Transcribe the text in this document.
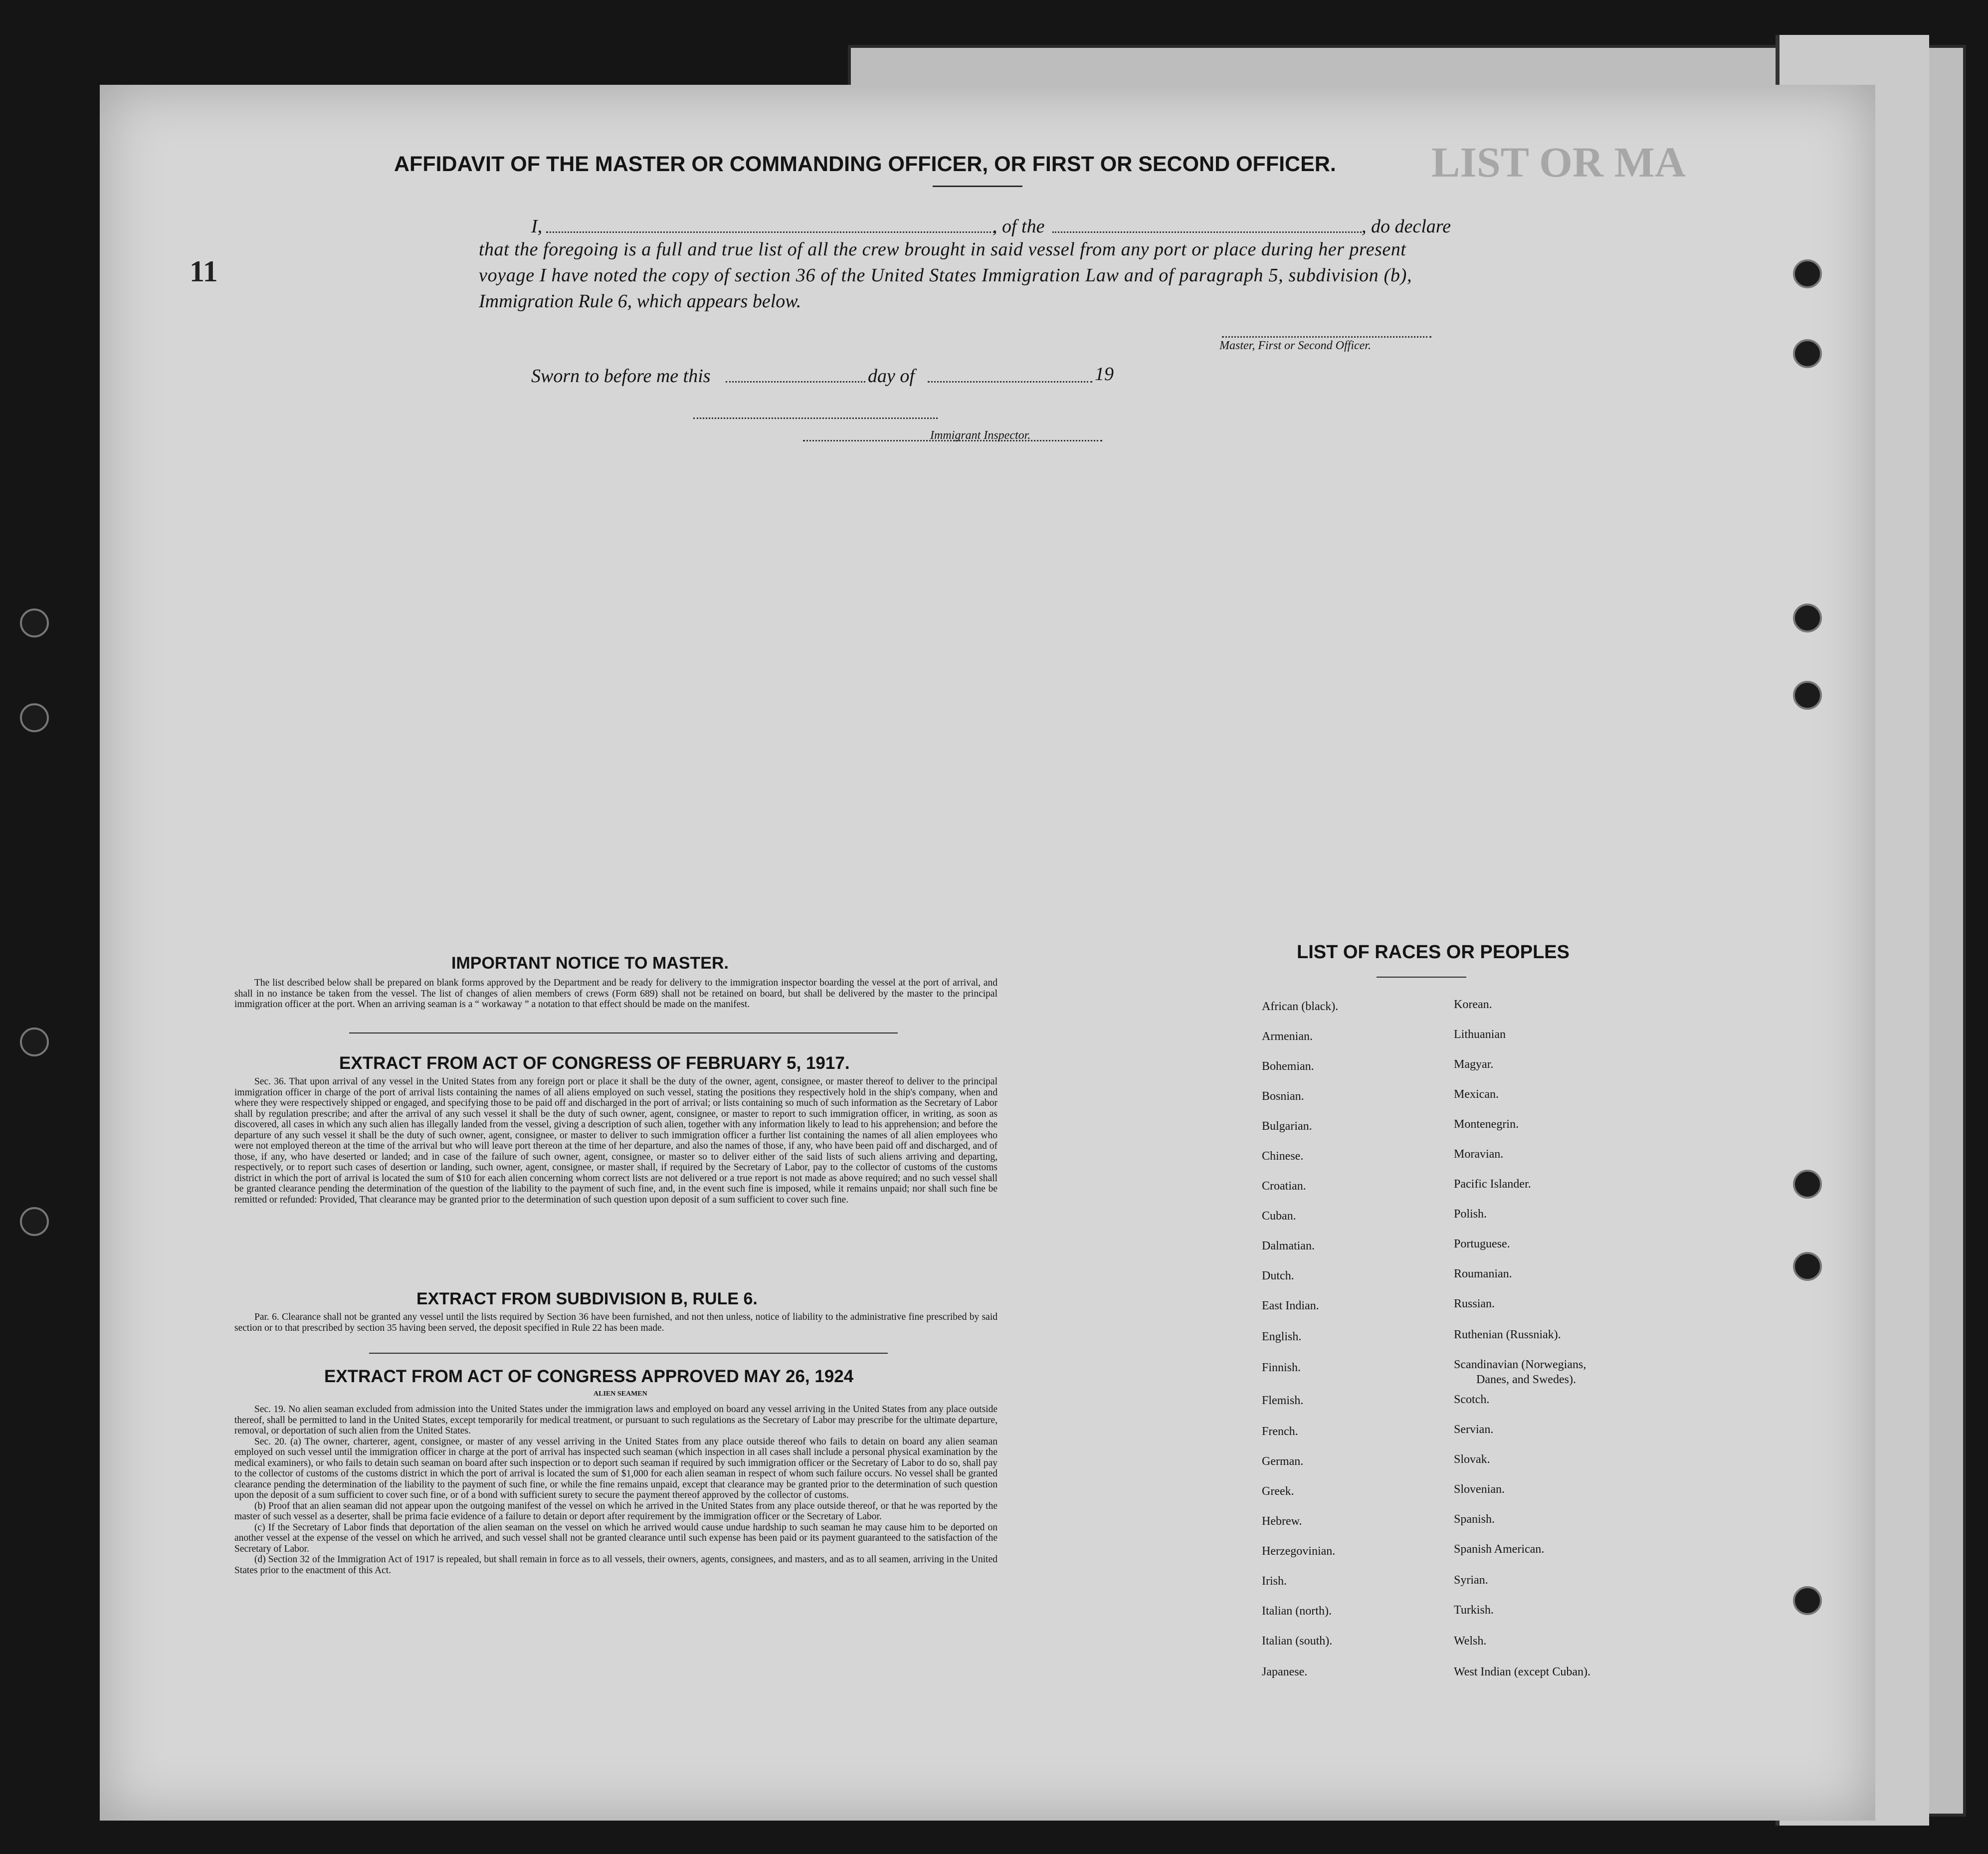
LIST OR MA
11
AFFIDAVIT OF THE MASTER OR COMMANDING OFFICER, OR FIRST OR SECOND OFFICER.
I,	, of the	, do declare
that the foregoing is a full and true list of all the crew brought in said vessel from any port or place during her present
voyage I have noted the copy of section 36 of the United States Immigration Law and of paragraph 5, subdivision (b),
Immigration Rule 6, which appears below.
Master, First or Second Officer.
Sworn to before me this	day of	19
Immigrant Inspector.
IMPORTANT NOTICE TO MASTER.

The list described below shall be prepared on blank forms approved by the Department and be ready for delivery to the immigration inspector boarding the vessel at the port of arrival, and shall in no instance be taken from the vessel. The list of changes of alien members of crews (Form 689) shall not be retained on board, but shall be delivered by the master to the principal immigration officer at the port. When an arriving seaman is a “ workaway ” a notation to that effect should be made on the manifest.

EXTRACT FROM ACT OF CONGRESS OF FEBRUARY 5, 1917.

Sec. 36. That upon arrival of any vessel in the United States from any foreign port or place it shall be the duty of the owner, agent, consignee, or master thereof to deliver to the principal immigration officer in charge of the port of arrival lists containing the names of all aliens employed on such vessel, stating the positions they respectively hold in the ship's company, when and where they were respectively shipped or engaged, and specifying those to be paid off and discharged in the port of arrival; or lists containing so much of such information as the Secretary of Labor shall by regulation prescribe; and after the arrival of any such vessel it shall be the duty of such owner, agent, consignee, or master to report to such immigration officer, in writing, as soon as discovered, all cases in which any such alien has illegally landed from the vessel, giving a description of such alien, together with any information likely to lead to his apprehension; and before the departure of any such vessel it shall be the duty of such owner, agent, consignee, or master to deliver to such immigration officer a further list containing the names of all alien employees who were not employed thereon at the time of the arrival but who will leave port thereon at the time of her departure, and also the names of those, if any, who have been paid off and discharged, and of those, if any, who have deserted or landed; and in case of the failure of such owner, agent, consignee, or master so to deliver either of the said lists of such aliens arriving and departing, respectively, or to report such cases of desertion or landing, such owner, agent, consignee, or master shall, if required by the Secretary of Labor, pay to the collector of customs of the customs district in which the port of arrival is located the sum of $10 for each alien concerning whom correct lists are not delivered or a true report is not made as above required; and no such vessel shall be granted clearance pending the determination of the question of the liability to the payment of such fine, and, in the event such fine is imposed, while it remains unpaid; nor shall such fine be remitted or refunded: Provided, That clearance may be granted prior to the determination of such question upon deposit of a sum sufficient to cover such fine.

EXTRACT FROM SUBDIVISION B, RULE 6.

Par. 6. Clearance shall not be granted any vessel until the lists required by Section 36 have been furnished, and not then unless, notice of liability to the administrative fine prescribed by said section or to that prescribed by section 35 having been served, the deposit specified in Rule 22 has been made.

EXTRACT FROM ACT OF CONGRESS APPROVED MAY 26, 1924
ALIEN SEAMEN

Sec. 19. No alien seaman excluded from admission into the United States under the immigration laws and employed on board any vessel arriving in the United States from any place outside thereof, shall be permitted to land in the United States, except temporarily for medical treatment, or pursuant to such regulations as the Secretary of Labor may prescribe for the ultimate departure, removal, or deportation of such alien from the United States.

Sec. 20. (a) The owner, charterer, agent, consignee, or master of any vessel arriving in the United States from any place outside thereof who fails to detain on board any alien seaman employed on such vessel until the immigration officer in charge at the port of arrival has inspected such seaman (which inspection in all cases shall include a personal physical examination by the medical examiners), or who fails to detain such seaman on board after such inspection or to deport such seaman if required by such immigration officer or the Secretary of Labor to do so, shall pay to the collector of customs of the customs district in which the port of arrival is located the sum of $1,000 for each alien seaman in respect of whom such failure occurs. No vessel shall be granted clearance pending the determination of the liability to the payment of such fine, or while the fine remains unpaid, except that clearance may be granted prior to the determination of such question upon the deposit of a sum sufficient to cover such fine, or of a bond with sufficient surety to secure the payment thereof approved by the collector of customs.

(b) Proof that an alien seaman did not appear upon the outgoing manifest of the vessel on which he arrived in the United States from any place outside thereof, or that he was reported by the master of such vessel as a deserter, shall be prima facie evidence of a failure to detain or deport after requirement by the immigration officer or the Secretary of Labor.

(c) If the Secretary of Labor finds that deportation of the alien seaman on the vessel on which he arrived would cause undue hardship to such seaman he may cause him to be deported on another vessel at the expense of the vessel on which he arrived, and such vessel shall not be granted clearance until such expense has been paid or its payment guaranteed to the satisfaction of the Secretary of Labor.

(d) Section 32 of the Immigration Act of 1917 is repealed, but shall remain in force as to all vessels, their owners, agents, consignees, and masters, and as to all seamen, arriving in the United States prior to the enactment of this Act.

LIST OF RACES OR PEOPLES
African (black).
Armenian.
Bohemian.
Bosnian.
Bulgarian.
Chinese.
Croatian.
Cuban.
Dalmatian.
Dutch.
East Indian.
English.
Finnish.
Flemish.
French.
German.
Greek.
Hebrew.
Herzegovinian.
Irish.
Italian (north).
Italian (south).
Japanese.
Korean.
Lithuanian
Magyar.
Mexican.
Montenegrin.
Moravian.
Pacific Islander.
Polish.
Portuguese.
Roumanian.
Russian.
Ruthenian (Russniak).
Scandinavian (Norwegians,
Danes, and Swedes).
Scotch.
Servian.
Slovak.
Slovenian.
Spanish.
Spanish American.
Syrian.
Turkish.
Welsh.
West Indian (except Cuban).
